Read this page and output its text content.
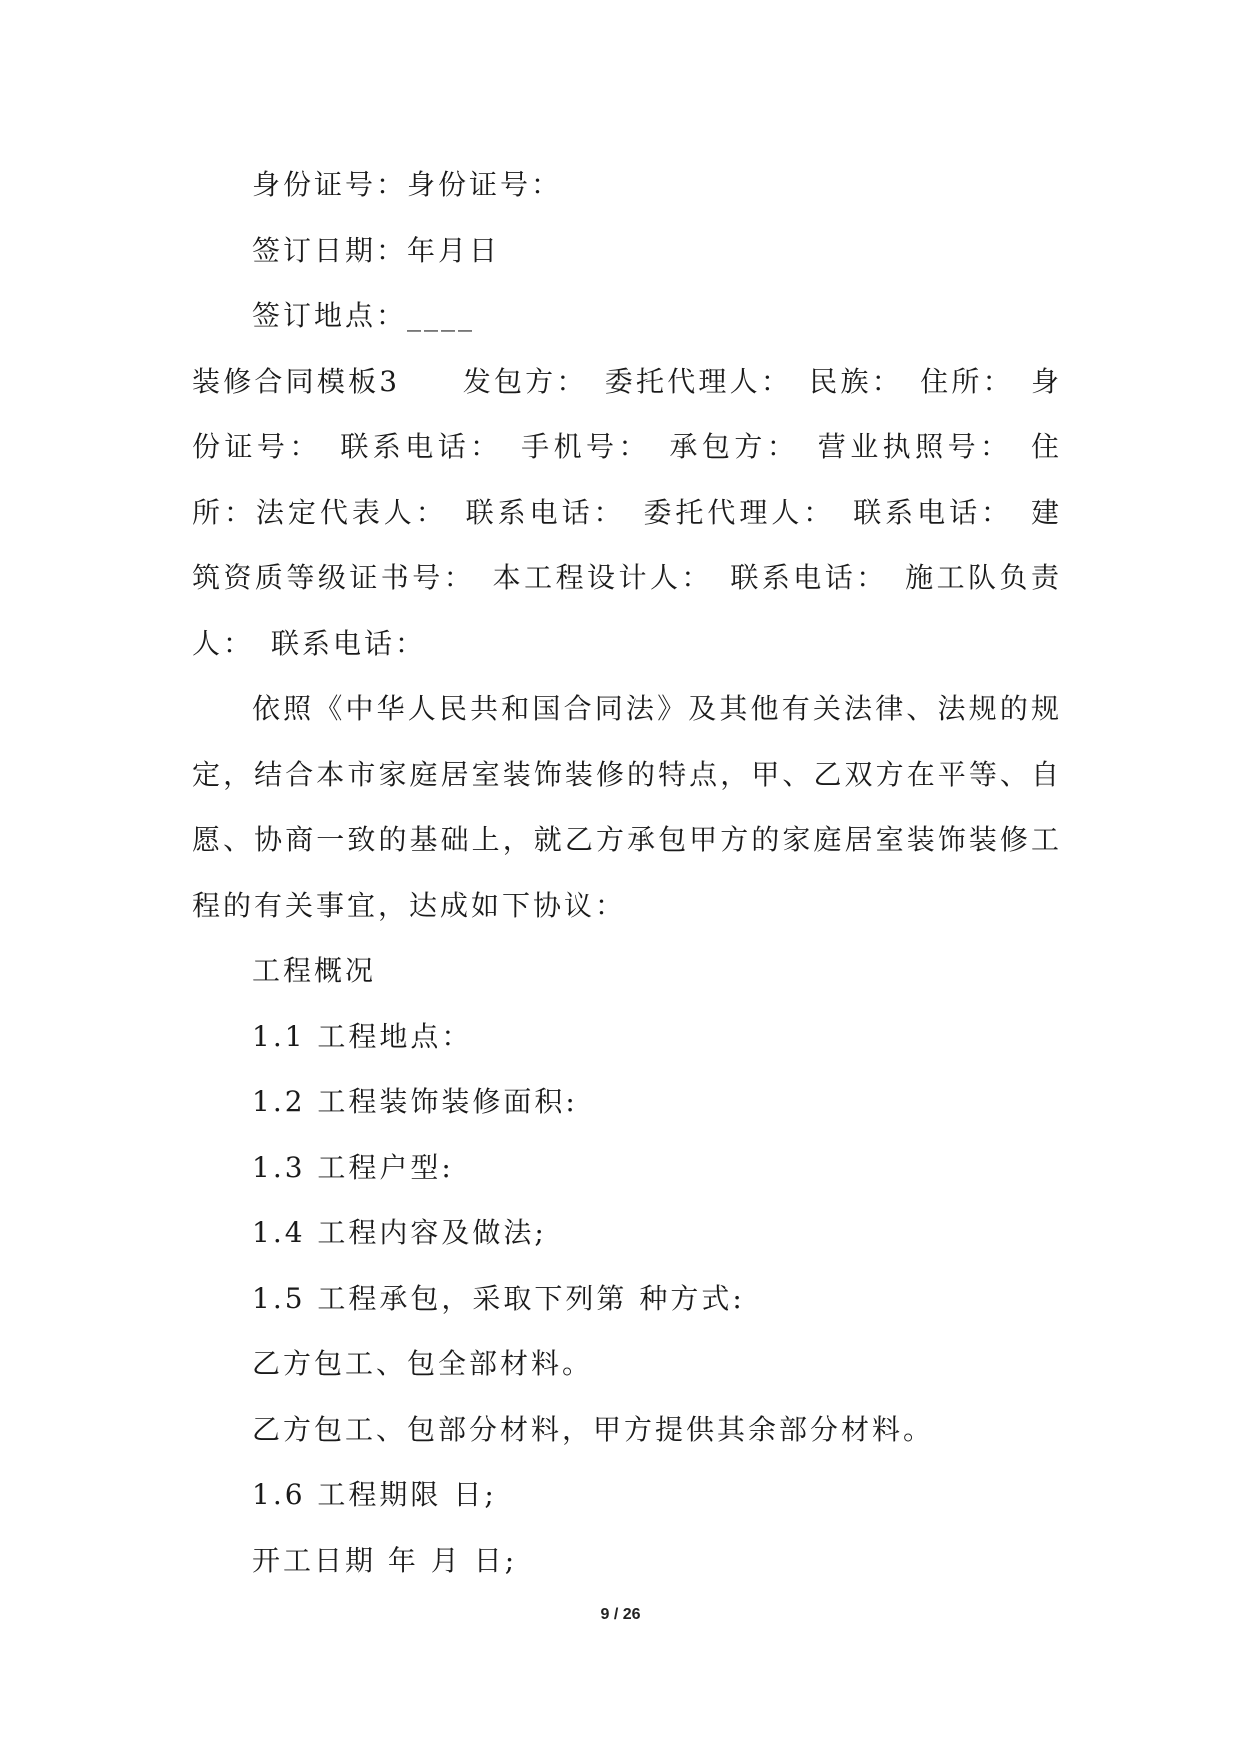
身份证号：身份证号：

签订日期：年月日

签订地点：____

装修合同模板3　　发包方：　委托代理人：　民族：　住所：　身份证号：　联系电话：　手机号：　承包方：　营业执照号：　住所：法定代表人：　联系电话：　委托代理人：　联系电话：　建筑资质等级证书号：　本工程设计人：　联系电话：　施工队负责人：　联系电话：

依照《中华人民共和国合同法》及其他有关法律、法规的规定，结合本市家庭居室装饰装修的特点，甲、乙双方在平等、自愿、协商一致的基础上，就乙方承包甲方的家庭居室装饰装修工程的有关事宜，达成如下协议：

工程概况

1.1 工程地点：

1.2 工程装饰装修面积:

1.3 工程户型:

1.4 工程内容及做法;

1.5 工程承包，采取下列第 种方式:

乙方包工、包全部材料。

乙方包工、包部分材料，甲方提供其余部分材料。

1.6 工程期限 日;

开工日期 年 月 日;

9 / 26
